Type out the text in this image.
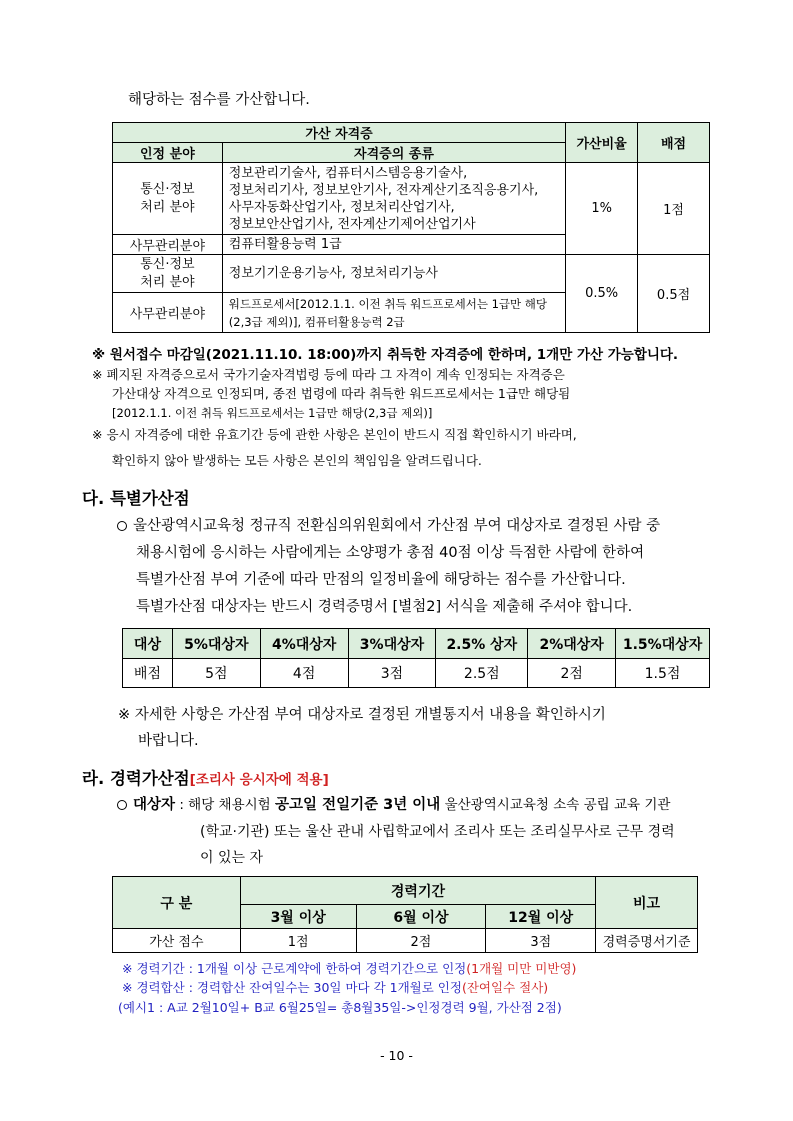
해당하는 점수를 가산합니다.
가산 자격증		가산비율	배점
인정 분야	자격증의 종류		
통신·정보
처리 분야	정보관리기술사, 컴퓨터시스템응용기술사,
정보처리기사, 정보보안기사, 전자계산기조직응용기사,
사무자동화산업기사, 정보처리산업기사,
정보보안산업기사, 전자계산기제어산업기사	1%	1점
사무관리분야	컴퓨터활용능력 1급		
통신·정보
처리 분야	정보기기운용기능사, 정보처리기능사	0.5%	0.5점
사무관리분야	워드프로세서[2012.1.1. 이전 취득 워드프로세서는 1급만 해당
(2,3급 제외)], 컴퓨터활용능력 2급		
※ 원서접수 마감일(2021.11.10. 18:00)까지 취득한 자격증에 한하며, 1개만 가산 가능합니다.
※ 폐지된 자격증으로서 국가기술자격법령 등에 따라 그 자격이 계속 인정되는 자격증은
가산대상 자격으로 인정되며, 종전 법령에 따라 취득한 워드프로세서는 1급만 해당됨
[2012.1.1. 이전 취득 워드프로세서는 1급만 해당(2,3급 제외)]
※ 응시 자격증에 대한 유효기간 등에 관한 사항은 본인이 반드시 직접 확인하시기 바라며,
확인하지 않아 발생하는 모든 사항은 본인의 책임임을 알려드립니다.
다. 특별가산점
울산광역시교육청 정규직 전환심의위원회에서 가산점 부여 대상자로 결정된 사람 중
채용시험에 응시하는 사람에게는 소양평가 총점 40점 이상 득점한 사람에 한하여
특별가산점 부여 기준에 따라 만점의 일정비율에 해당하는 점수를 가산합니다.
특별가산점 대상자는 반드시 경력증명서 [별첨2] 서식을 제출해 주셔야 합니다.
대상	5%대상자	4%대상자	3%대상자	2.5% 상자	2%대상자	1.5%대상자
배점	5점	4점	3점	2.5점	2점	1.5점
※ 자세한 사항은 가산점 부여 대상자로 결정된 개별통지서 내용을 확인하시기
바랍니다.
라. 경력가산점[조리사 응시자에 적용]
대상자 : 해당 채용시험 공고일 전일기준 3년 이내 울산광역시교육청 소속 공립 교육 기관
(학교·기관) 또는 울산 관내 사립학교에서 조리사 또는 조리실무사로 근무 경력
이 있는 자
구 분	경력기간			비고
	3월 이상	6월 이상	12월 이상	
가산 점수	1점	2점	3점	경력증명서기준
※ 경력기간 : 1개월 이상 근로계약에 한하여 경력기간으로 인정(1개월 미만 미반영)
※ 경력합산 : 경력합산 잔여일수는 30일 마다 각 1개월로 인정(잔여일수 절사)
(예시1 : A교 2월10일+ B교 6월25일= 총8월35일->인정경력 9월, 가산점 2점)
- 10 -
